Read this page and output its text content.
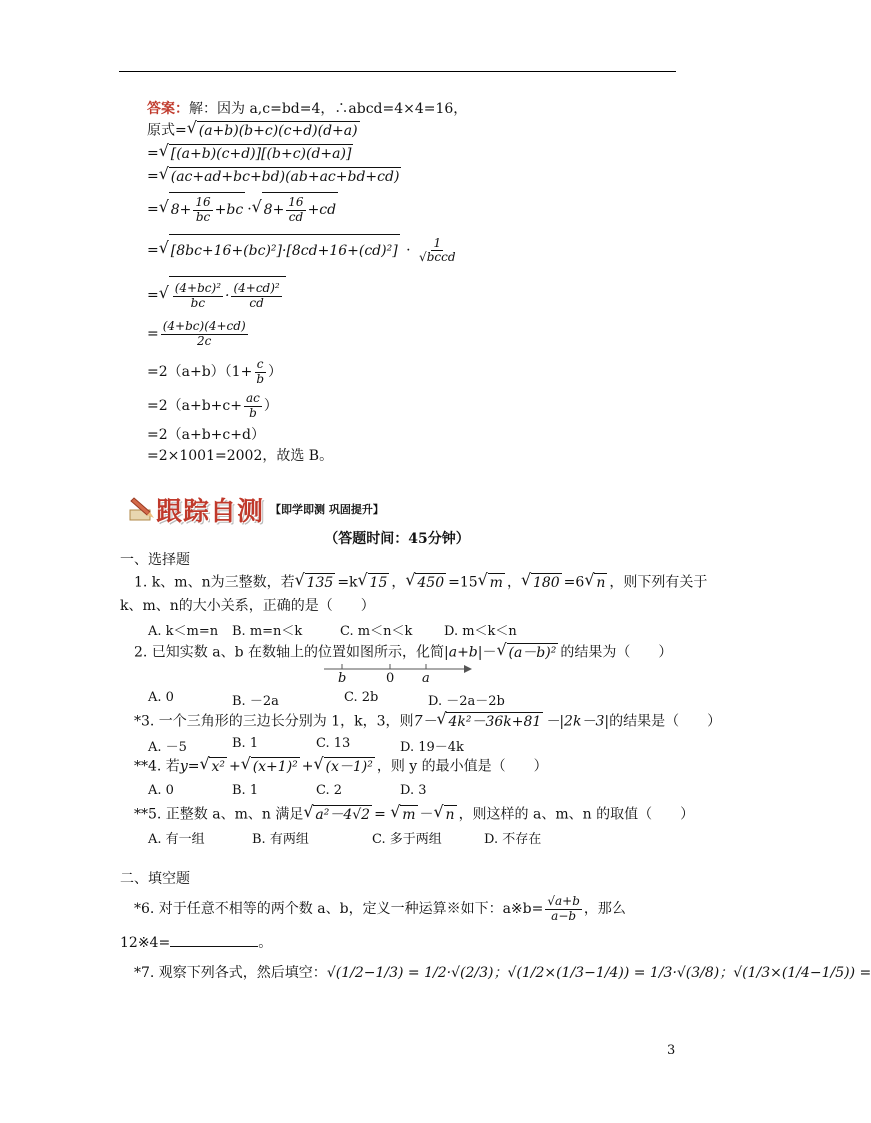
答案：解：因为 a,c=bd=4，∴abcd=4×4=16，
原式= √ (a+b)(b+c)(c+d)(d+a)
= √ [(a+b)(c+d)][(b+c)(d+a)]
= √ (ac+ad+bc+bd)(ab+ac+bd+cd)
= √ $8+ \frac{16}{bc} +bc$ · √ $8+ \frac{16}{cd} +cd$
= √ $[8bc+16+(bc)^2]\cdot[8cd+16+(cd)^2] \cdot \frac{1}{\text{√bccd}}$
= √ $\frac{\text{(4+bc)²}}{bc} \cdot \frac{\text{(4+cd)²}}{cd}$
= $\frac{(4+bc)(4+cd)}{2c}$
$=2(a+b)(1+ \frac{c}{b}$ ）
$=2(a+b+c+ \frac{ac}{b}$ ）
=2（a+b+c+d）
=2×1001=2002，故选 B。
跟踪自测 【即学即测 巩固提升】
（答题时间：45分钟）
一、选择题
1. k、m、n为三整数，若 √ 135 =k √ 15 ， √ 450 =15 √ m ， √ 180 =6 √ n ，则下列有关于
k、m、n的大小关系，正确的是（　　）
A. k＜m=n B. m=n＜k	C. m＜n＜k D. m＜k＜n
2. 已知实数 a、b 在数轴上的位置如图所示，化简|a+b|－ √ (a－b)² 的结果为（　　）
b	0 a
A. 0	B. －2a	C. 2b	D. －2a－2b
*3. 一个三角形的三边长分别为 1，k，3，则7－ √ 4k²－36k+81 －|2k－3|的结果是（　　）
A. －5	B. 1	C. 13	D. 19－4k
**4. 若y= √ x² + √ (x+1)² + √ (x－1)² ，则 y 的最小值是（　　）
A. 0	B. 1	C. 2	D. 3
**5. 正整数 a、m、n 满足 √ a²－4√2 = √ m － √ n ，则这样的 a、m、n 的取值（　　）
A. 有一组	B. 有两组	C. 多于两组	D. 不存在
二、填空题
*6. 对于任意不相等的两个数 a、b，定义一种运算※如下：a※b= $\frac{√a+b}{a-b}$ ，那么
12※4=	。
*7. 观察下列各式，然后填空：√(1/2−1/3) = 1/2·√(2/3)；√(1/2×(1/3−1/4)) = 1/3·√(3/8)；√(1/3×(1/4−1/5)) =
3
